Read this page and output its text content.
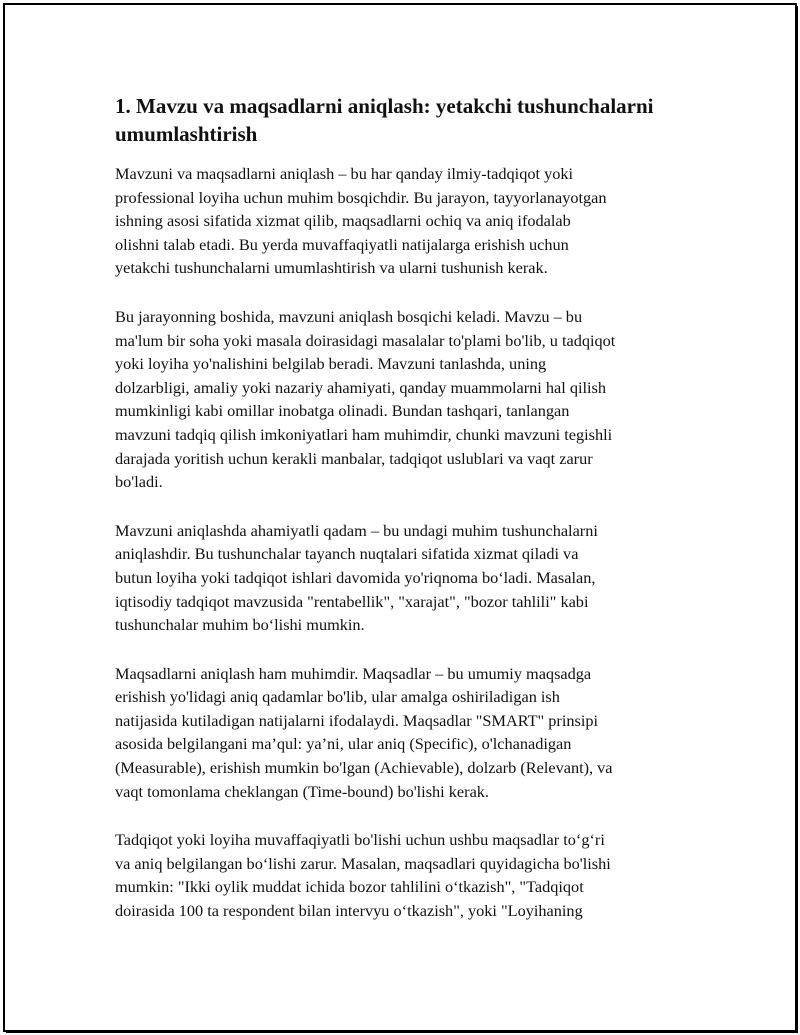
1. Mavzu va maqsadlarni aniqlash: yetakchi tushunchalarni
umumlashtirish
Mavzuni va maqsadlarni aniqlash – bu har qanday ilmiy-tadqiqot yoki
professional loyiha uchun muhim bosqichdir. Bu jarayon, tayyorlanayotgan
ishning asosi sifatida xizmat qilib, maqsadlarni ochiq va aniq ifodalab
olishni talab etadi. Bu yerda muvaffaqiyatli natijalarga erishish uchun
yetakchi tushunchalarni umumlashtirish va ularni tushunish kerak.
Bu jarayonning boshida, mavzuni aniqlash bosqichi keladi. Mavzu – bu
ma'lum bir soha yoki masala doirasidagi masalalar to'plami bo'lib, u tadqiqot
yoki loyiha yo'nalishini belgilab beradi. Mavzuni tanlashda, uning
dolzarbligi, amaliy yoki nazariy ahamiyati, qanday muammolarni hal qilish
mumkinligi kabi omillar inobatga olinadi. Bundan tashqari, tanlangan
mavzuni tadqiq qilish imkoniyatlari ham muhimdir, chunki mavzuni tegishli
darajada yoritish uchun kerakli manbalar, tadqiqot uslublari va vaqt zarur
bo'ladi.
Mavzuni aniqlashda ahamiyatli qadam – bu undagi muhim tushunchalarni
aniqlashdir. Bu tushunchalar tayanch nuqtalari sifatida xizmat qiladi va
butun loyiha yoki tadqiqot ishlari davomida yo'riqnoma bo‘ladi. Masalan,
iqtisodiy tadqiqot mavzusida "rentabellik", "xarajat", "bozor tahlili" kabi
tushunchalar muhim bo‘lishi mumkin.
Maqsadlarni aniqlash ham muhimdir. Maqsadlar – bu umumiy maqsadga
erishish yo'lidagi aniq qadamlar bo'lib, ular amalga oshiriladigan ish
natijasida kutiladigan natijalarni ifodalaydi. Maqsadlar "SMART" prinsipi
asosida belgilangani ma’qul: ya’ni, ular aniq (Specific), o'lchanadigan
(Measurable), erishish mumkin bo'lgan (Achievable), dolzarb (Relevant), va
vaqt tomonlama cheklangan (Time-bound) bo'lishi kerak.
Tadqiqot yoki loyiha muvaffaqiyatli bo'lishi uchun ushbu maqsadlar to‘g‘ri
va aniq belgilangan bo‘lishi zarur. Masalan, maqsadlari quyidagicha bo'lishi
mumkin: "Ikki oylik muddat ichida bozor tahlilini o‘tkazish", "Tadqiqot
doirasida 100 ta respondent bilan intervyu o‘tkazish", yoki "Loyihaning
